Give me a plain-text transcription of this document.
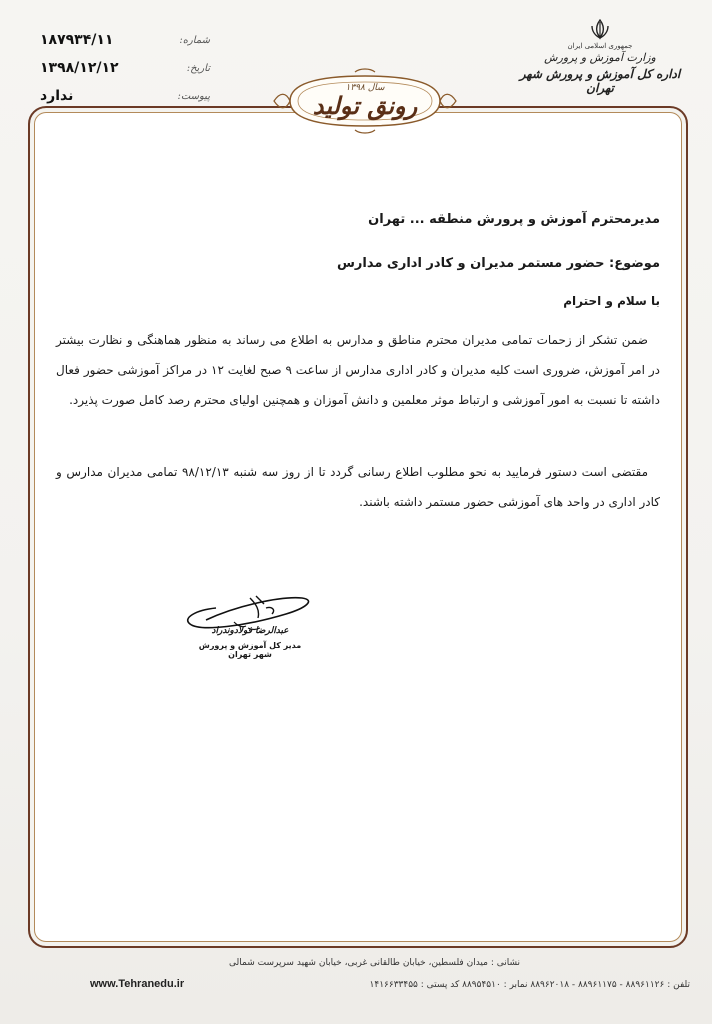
شماره:
۱۸۷۹۳۴/۱۱
تاریخ:
۱۳۹۸/۱۲/۱۲
پیوست:
ندارد
جمهوری اسلامی ایران
وزارت آموزش و پرورش
اداره کل آموزش و پرورش شهر تهران
سال ۱۳۹۸
رونق تولید
مدیرمحترم آموزش و پرورش منطقه ... تهران
موضوع: حضور مستمر مدیران و کادر اداری مدارس
با سلام و احترام
ضمن تشکر از زحمات تمامی مدیران محترم مناطق و مدارس به اطلاع می رساند به منظور هماهنگی و نظارت بیشتر در امر آموزش، ضروری است کلیه مدیران و کادر اداری مدارس از ساعت ۹ صبح لغایت ۱۲ در مراکز آموزشی حضور فعال داشته تا نسبت به امور آموزشی و ارتباط موثر معلمین و دانش آموزان و همچنین اولیای محترم رصد کامل صورت پذیرد.
مقتضی است دستور فرمایید به نحو مطلوب اطلاع رسانی گردد تا از روز سه شنبه ۹۸/۱۲/۱۳ تمامی مدیران مدارس و کادر اداری در واحد های آموزشی حضور مستمر داشته باشند.
عبدالرضا فولادوندراد
مدیر کل آموزش و پرورش شهر تهران
نشانی : میدان فلسطین، خیابان طالقانی غربی، خیابان شهید سرپرست شمالی
تلفن : ۸۸۹۶۱۱۲۶ - ۸۸۹۶۱۱۷۵ - ۸۸۹۶۲۰۱۸ نمابر : ۸۸۹۵۴۵۱۰ کد پستی : ۱۴۱۶۶۳۳۴۵۵
www.Tehranedu.ir
